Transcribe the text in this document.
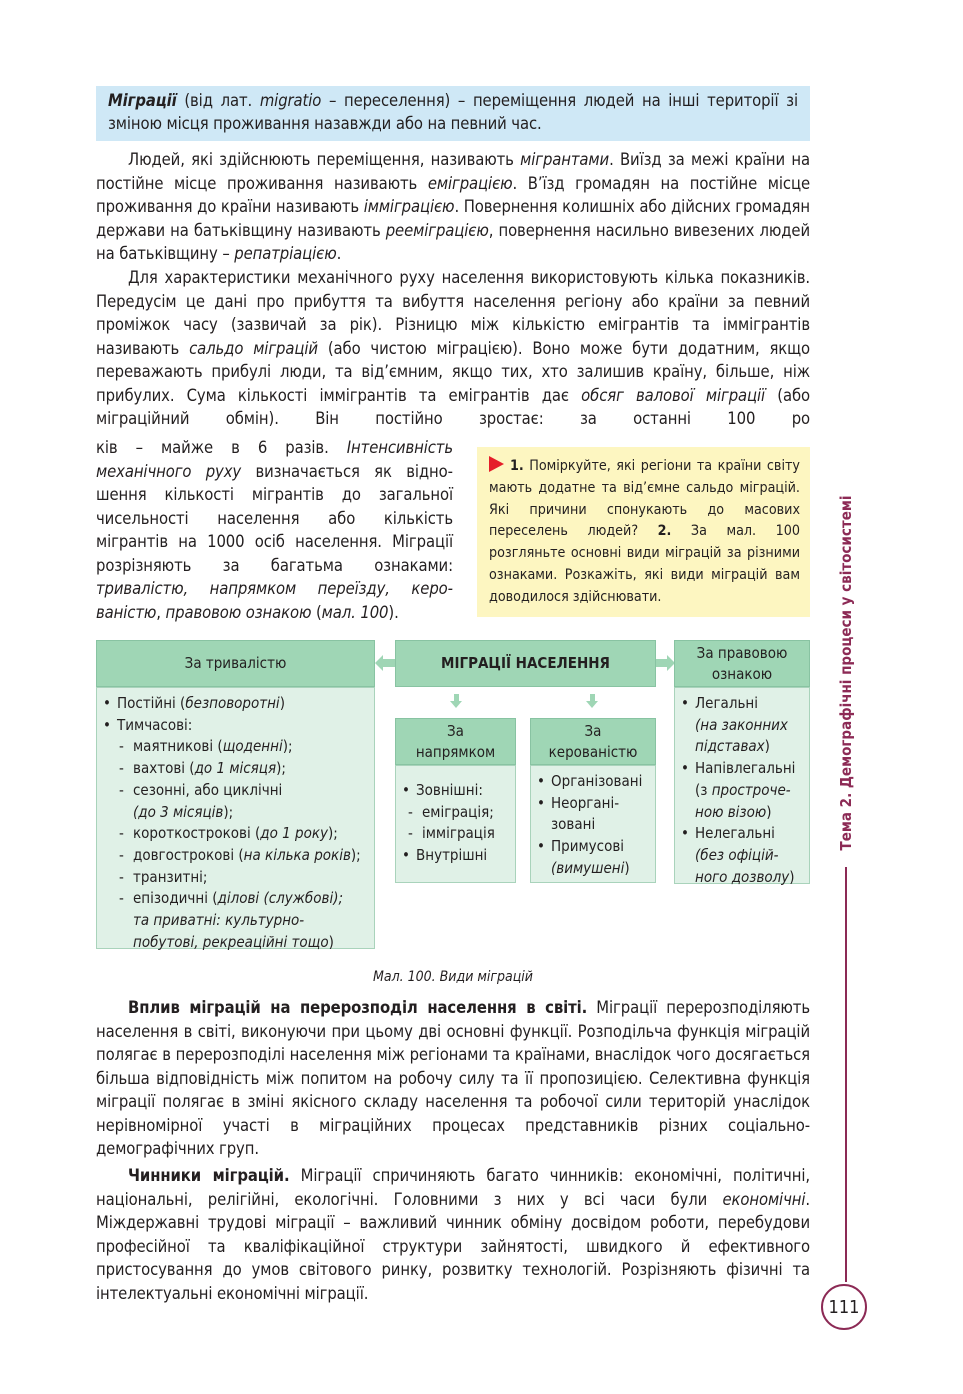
Міграції (від лат. migratio – переселення) – переміщення людей на інші території зі зміною місця проживання назавжди або на певний час.
Людей, які здійснюють переміщення, називають мігрантами. Виїзд за межі країни на постійне місце проживання називають еміграцією. В’їзд громадян на постійне місце проживання до країни називають імміграцією. Повернення колишніх або дійсних громадян держави на батьківщину називають рееміграцією, повернення насильно вивезених людей на батьківщину – репатріацією.
Для характеристики механічного руху населення використовують кілька показників. Передусім це дані про прибуття та вибуття населення регіону або країни за певний проміжок часу (зазвичай за рік). Різницю між кількістю емігрантів та іммігрантів називають сальдо міграцій (або чистою міграцією). Воно може бути додатним, якщо переважають прибулі люди, та від’ємним, якщо тих, хто залишив країну, більше, ніж прибулих. Сума кількості іммігрантів та емігрантів дає обсяг валової міграції (або міграційний обмін). Він постійно зростає: за останні 100 ро
ків – майже в 6 разів. Інтенсивність механічного руху визначається як відношення кількості мігрантів до загальної чисельності населення або кількість мігрантів на 1000 осіб населення. Міграції розрізняють за багатьма ознаками: тривалістю, напрямком переїзду, керованістю, правовою ознакою (мал. 100).
1. Поміркуйте, які регіони та країни світу мають додатне та від’ємне сальдо міграцій. Які причини спонукають до масових переселень людей? 2. За мал. 100 розгляньте основні види міграцій за різними ознаками. Розкажіть, які види міграцій вам доводилося здійснювати.
За тривалістю
• Постійні (безповоротні)
• Тимчасові:
- маятникові (щоденні);
- вахтові (до 1 місяця);
- сезонні, або циклічні
(до 3 місяців);
- короткострокові (до 1 року);
- довгострокові (на кілька років);
- транзитні;
- епізодичні (ділові (службові);
та приватні: культурно-
побутові, рекреаційні тощо)
МІГРАЦІЇ НАСЕЛЕННЯ
За правовою
ознакою
• Легальні
(на законних
підставах)
• Напівлегальні
(з простроче-
ною візою)
• Нелегальні
(без офіцій-
ного дозволу)
За
напрямком
• Зовнішні:
- еміграція;
- імміграція
• Внутрішні
За
керованістю
• Організовані
• Неорганi-
зовані
• Примусові
(вимушені)
Мал. 100. Види міграцій
Вплив міграцій на перерозподіл населення в світі. Міграції перерозподіляють населення в світі, виконуючи при цьому дві основні функції. Розподільча функція міграцій полягає в перерозподілі населення між регіонами та країнами, внаслідок чого досягається більша відповідність між попитом на робочу силу та її пропозицією. Селективна функція міграції полягає в зміні якісного складу населення та робочої сили територій унаслідок нерівномірної участі в міграційних процесах представників різних соціально-демографічних груп.
Чинники міграцій. Міграції спричиняють багато чинників: економічні, політичні, національні, релігійні, екологічні. Головними з них у всі часи були економічні. Міждержавні трудові міграції – важливий чинник обміну досвідом роботи, перебудови професійної та кваліфікаційної структури зайнятості, швидкого й ефективного пристосування до умов світового ринку, розвитку технологій. Розрізняють фізичні та інтелектуальні економічні міграції.
Тема 2. Демографічні процеси у світосистемі
111
